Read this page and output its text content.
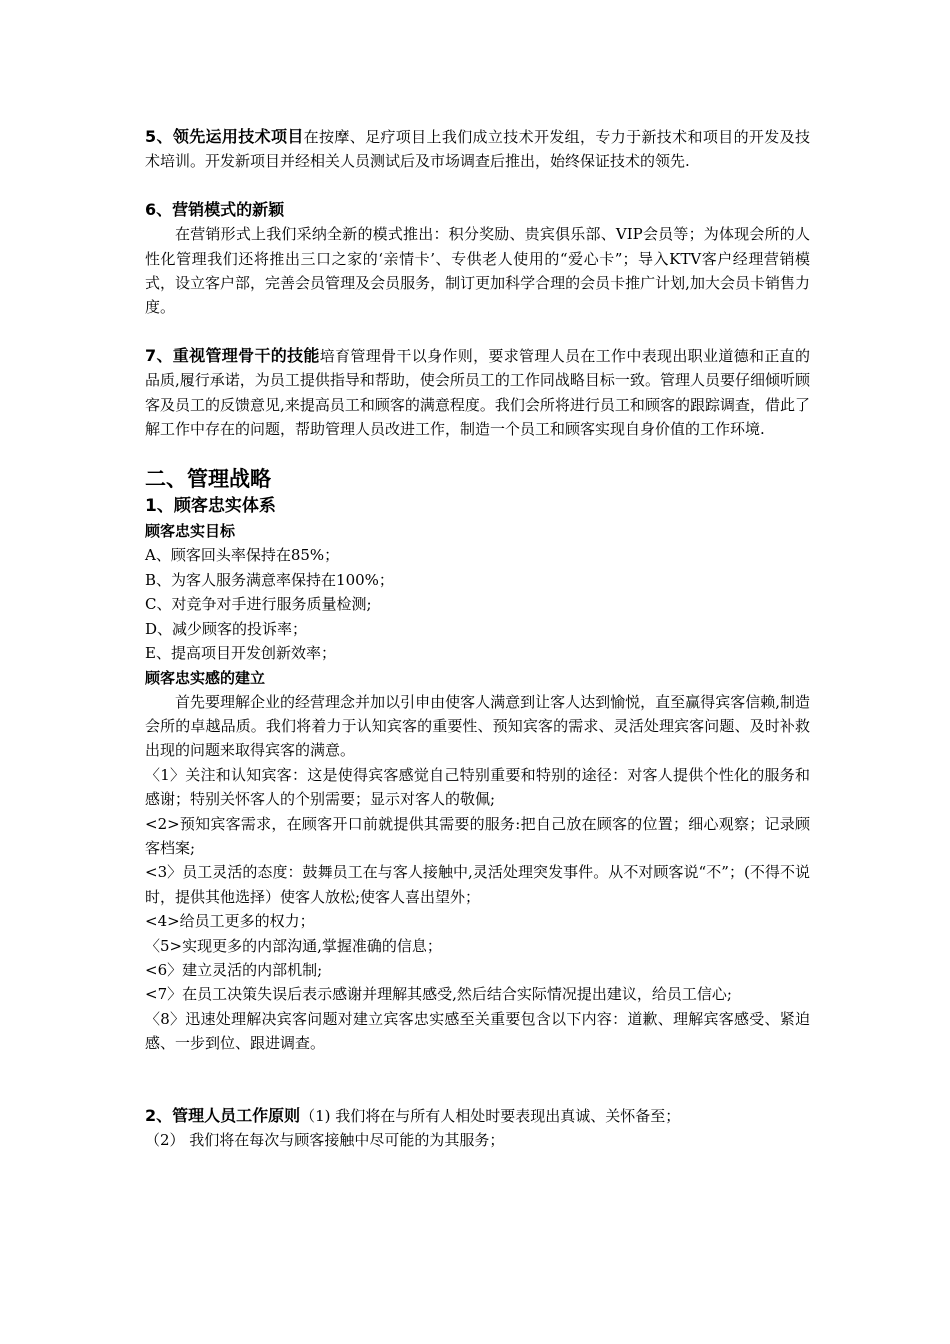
5、领先运用技术项目在按摩、足疗项目上我们成立技术开发组，专力于新技术和项目的开发及技术培训。开发新项目并经相关人员测试后及市场调查后推出，始终保证技术的领先.

6、营销模式的新颖

在营销形式上我们采纳全新的模式推出：积分奖励、贵宾俱乐部、VIP会员等；为体现会所的人性化管理我们还将推出三口之家的‘亲情卡’、专供老人使用的“爱心卡”；导入KTV客户经理营销模式，设立客户部，完善会员管理及会员服务，制订更加科学合理的会员卡推广计划,加大会员卡销售力度。

7、重视管理骨干的技能培育管理骨干以身作则，要求管理人员在工作中表现出职业道德和正直的品质,履行承诺，为员工提供指导和帮助，使会所员工的工作同战略目标一致。管理人员要仔细倾听顾客及员工的反馈意见,来提高员工和顾客的满意程度。我们会所将进行员工和顾客的跟踪调查，借此了解工作中存在的问题，帮助管理人员改进工作，制造一个员工和顾客实现自身价值的工作环境.

二、管理战略

1、顾客忠实体系

顾客忠实目标

A、顾客回头率保持在85%；

B、为客人服务满意率保持在100%；

C、对竞争对手进行服务质量检测;

D、减少顾客的投诉率；

E、提高项目开发创新效率；

顾客忠实感的建立

首先要理解企业的经营理念并加以引申由使客人满意到让客人达到愉悦，直至赢得宾客信赖,制造会所的卓越品质。我们将着力于认知宾客的重要性、预知宾客的需求、灵活处理宾客问题、及时补救出现的问题来取得宾客的满意。

〈1〉关注和认知宾客：这是使得宾客感觉自己特别重要和特别的途径：对客人提供个性化的服务和感谢；特别关怀客人的个别需要；显示对客人的敬佩;

<2>预知宾客需求，在顾客开口前就提供其需要的服务:把自己放在顾客的位置；细心观察；记录顾客档案;

<3〉员工灵活的态度：鼓舞员工在与客人接触中,灵活处理突发事件。从不对顾客说“不”；(不得不说时，提供其他选择）使客人放松;使客人喜出望外；

<4>给员工更多的权力；

〈5>实现更多的内部沟通,掌握准确的信息；

<6〉建立灵活的内部机制;

<7〉在员工决策失误后表示感谢并理解其感受,然后结合实际情况提出建议，给员工信心;

〈8〉迅速处理解决宾客问题对建立宾客忠实感至关重要包含以下内容：道歉、理解宾客感受、紧迫感、一步到位、跟进调查。

2、管理人员工作原则（1) 我们将在与所有人相处时要表现出真诚、关怀备至；

（2） 我们将在每次与顾客接触中尽可能的为其服务；
